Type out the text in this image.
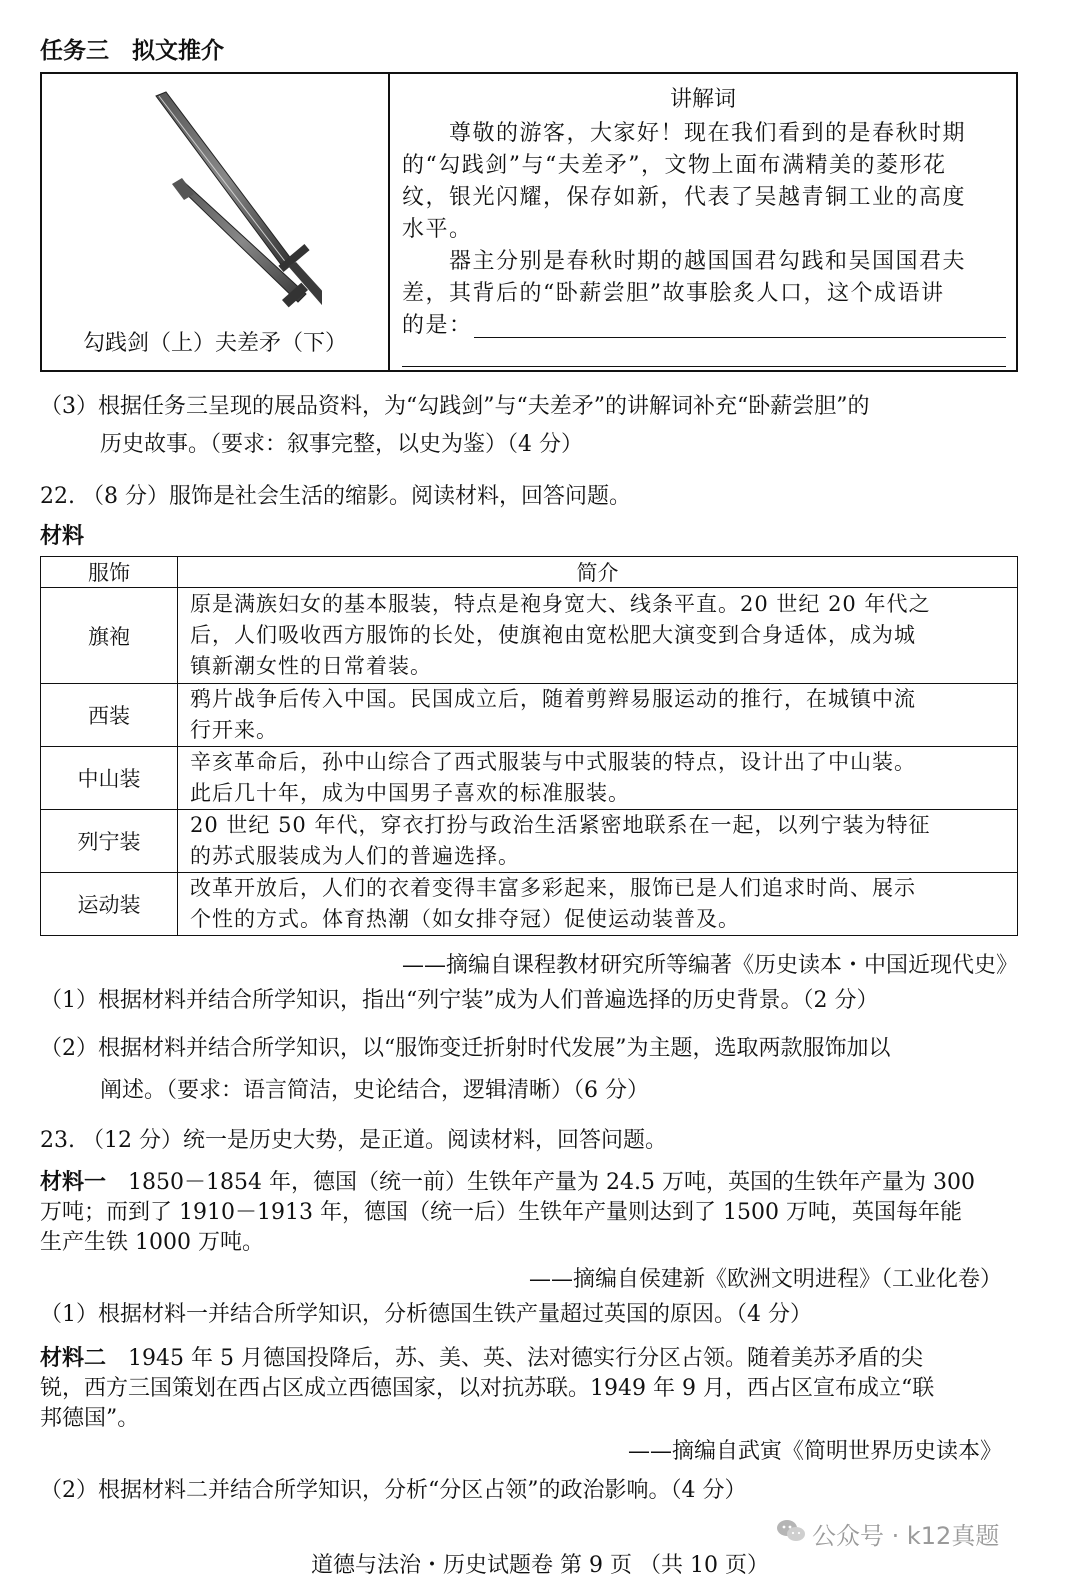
任务三　拟文推介
勾践剑（上）夫差矛（下）
讲解词
　　尊敬的游客，大家好！现在我们看到的是春秋时期
的“勾践剑”与“夫差矛”，文物上面布满精美的菱形花
纹，银光闪耀，保存如新，代表了吴越青铜工业的高度
水平。
　　器主分别是春秋时期的越国国君勾践和吴国国君夫
差，其背后的“卧薪尝胆”故事脍炙人口，这个成语讲
的是：
（3）根据任务三呈现的展品资料，为“勾践剑”与“夫差矛”的讲解词补充“卧薪尝胆”的
历史故事。（要求：叙事完整，以史为鉴）（4 分）
22. （8 分）服饰是社会生活的缩影。阅读材料，回答问题。
材料
服饰	简介
旗袍	原是满族妇女的基本服装，特点是袍身宽大、线条平直。20 世纪 20 年代之
后，人们吸收西方服饰的长处，使旗袍由宽松肥大演变到合身适体，成为城
镇新潮女性的日常着装。

西装	鸦片战争后传入中国。民国成立后，随着剪辫易服运动的推行，在城镇中流
行开来。

中山装	辛亥革命后，孙中山综合了西式服装与中式服装的特点，设计出了中山装。
此后几十年，成为中国男子喜欢的标准服装。

列宁装	20 世纪 50 年代，穿衣打扮与政治生活紧密地联系在一起，以列宁装为特征
的苏式服装成为人们的普遍选择。

运动装	改革开放后，人们的衣着变得丰富多彩起来，服饰已是人们追求时尚、展示
个性的方式。体育热潮（如女排夺冠）促使运动装普及。
——摘编自课程教材研究所等编著《历史读本・中国近现代史》
（1）根据材料并结合所学知识，指出“列宁装”成为人们普遍选择的历史背景。（2 分）
（2）根据材料并结合所学知识，以“服饰变迁折射时代发展”为主题，选取两款服饰加以
阐述。（要求：语言简洁，史论结合，逻辑清晰）（6 分）
23. （12 分）统一是历史大势，是正道。阅读材料，回答问题。
材料一　1850－1854 年，德国（统一前）生铁年产量为 24.5 万吨，英国的生铁年产量为 300
万吨；而到了 1910－1913 年，德国（统一后）生铁年产量则达到了 1500 万吨，英国每年能
生产生铁 1000 万吨。
——摘编自侯建新《欧洲文明进程》（工业化卷）
（1）根据材料一并结合所学知识，分析德国生铁产量超过英国的原因。（4 分）
材料二　1945 年 5 月德国投降后，苏、美、英、法对德实行分区占领。随着美苏矛盾的尖
锐，西方三国策划在西占区成立西德国家，以对抗苏联。1949 年 9 月，西占区宣布成立“联
邦德国”。
——摘编自武寅《简明世界历史读本》
（2）根据材料二并结合所学知识，分析“分区占领”的政治影响。（4 分）
公众号 · k12真题
道德与法治・历史试题卷 第 9 页 （共 10 页）
